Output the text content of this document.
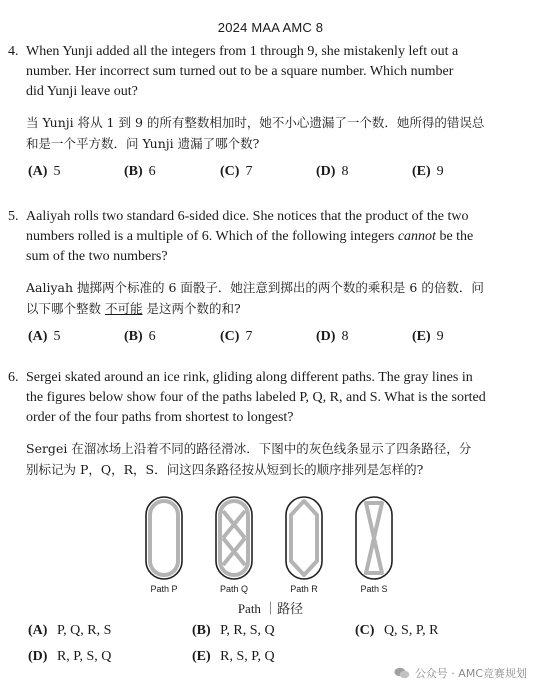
2024 MAA AMC 8
4. When Yunji added all the integers from 1 through 9, she mistakenly left out a
number. Her incorrect sum turned out to be a square number. Which number
did Yunji leave out?
当 Yunji 将从 1 到 9 的所有整数相加时，她不小心遗漏了一个数．她所得的错误总
和是一个平方数．问 Yunji 遗漏了哪个数?
(A) 5	(B) 6	(C) 7	(D) 8	(E) 9
5. Aaliyah rolls two standard 6-sided dice. She notices that the product of the two
numbers rolled is a multiple of 6. Which of the following integers cannot be the
sum of the two numbers?
Aaliyah 抛掷两个标准的 6 面骰子．她注意到掷出的两个数的乘积是 6 的倍数．问
以下哪个整数 不可能 是这两个数的和?
(A) 5	(B) 6	(C) 7	(D) 8	(E) 9
6. Sergei skated around an ice rink, gliding along different paths. The gray lines in
the figures below show four of the paths labeled P, Q, R, and S. What is the sorted
order of the four paths from shortest to longest?
Sergei 在溜冰场上沿着不同的路径滑冰．下图中的灰色线条显示了四条路径，分
别标记为 P，Q，R，S．问这四条路径按从短到长的顺序排列是怎样的?
Path P	Path Q	Path R	Path S
Path ｜路径
(A) P, Q, R, S	(B) P, R, S, Q	(C) Q, S, P, R
(D) R, P, S, Q	(E) R, S, P, Q
公众号 · AMC竞赛规划
